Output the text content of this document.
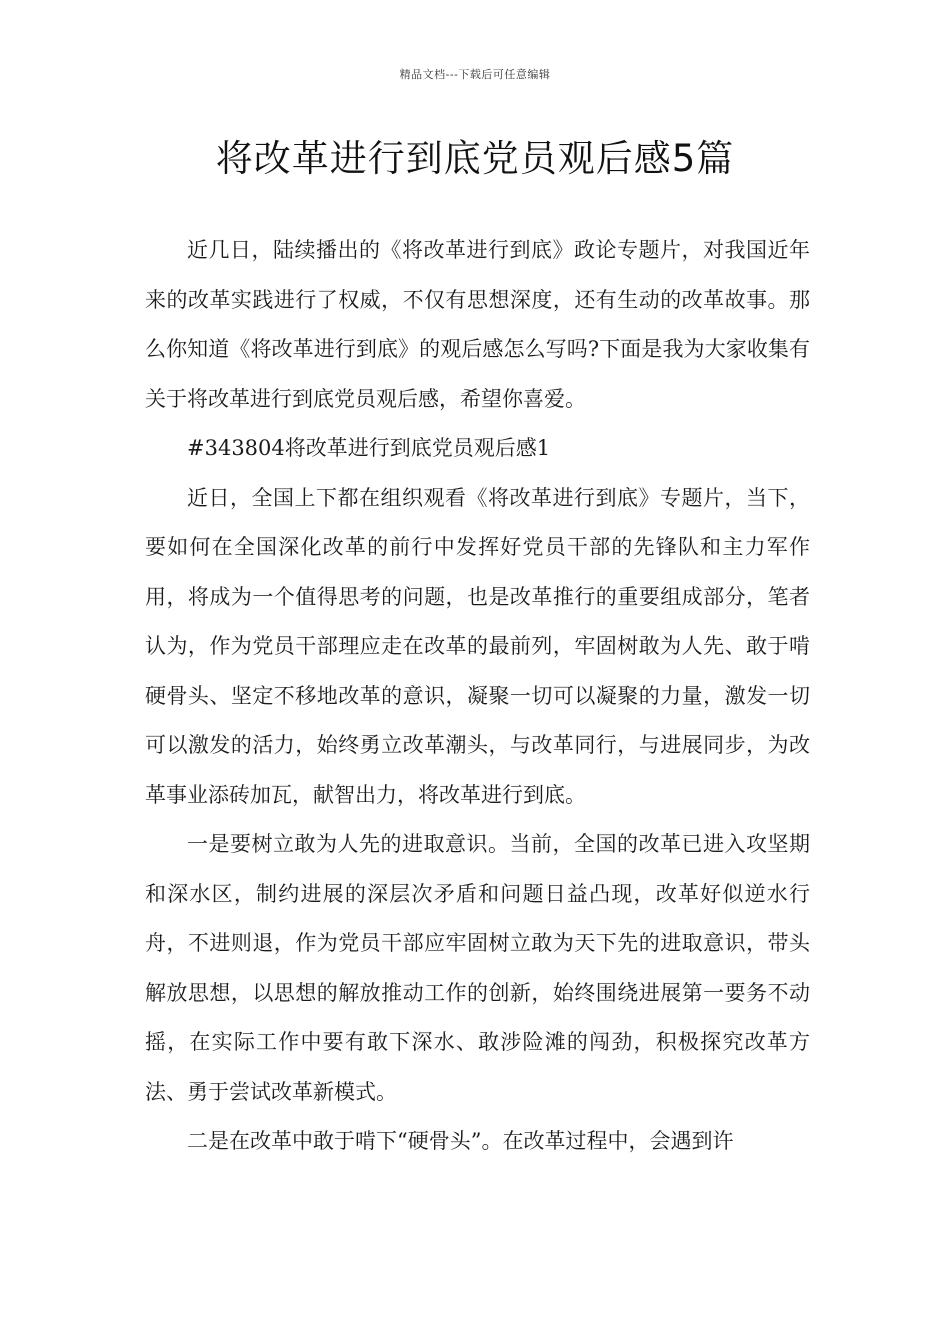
精品文档---下载后可任意编辑
将改革进行到底党员观后感5篇

近几日，陆续播出的《将改革进行到底》政论专题片，对我国近年来的改革实践进行了权威，不仅有思想深度，还有生动的改革故事。那么你知道《将改革进行到底》的观后感怎么写吗?下面是我为大家收集有关于将改革进行到底党员观后感，希望你喜爱。

#343804将改革进行到底党员观后感1

近日，全国上下都在组织观看《将改革进行到底》专题片，当下，要如何在全国深化改革的前行中发挥好党员干部的先锋队和主力军作用，将成为一个值得思考的问题，也是改革推行的重要组成部分，笔者认为，作为党员干部理应走在改革的最前列，牢固树敢为人先、敢于啃硬骨头、坚定不移地改革的意识，凝聚一切可以凝聚的力量，激发一切可以激发的活力，始终勇立改革潮头，与改革同行，与进展同步，为改革事业添砖加瓦，献智出力，将改革进行到底。

一是要树立敢为人先的进取意识。当前，全国的改革已进入攻坚期和深水区，制约进展的深层次矛盾和问题日益凸现，改革好似逆水行舟，不进则退，作为党员干部应牢固树立敢为天下先的进取意识，带头解放思想，以思想的解放推动工作的创新，始终围绕进展第一要务不动摇，在实际工作中要有敢下深水、敢涉险滩的闯劲，积极探究改革方法、勇于尝试改革新模式。

二是在改革中敢于啃下“硬骨头”。在改革过程中，会遇到许
